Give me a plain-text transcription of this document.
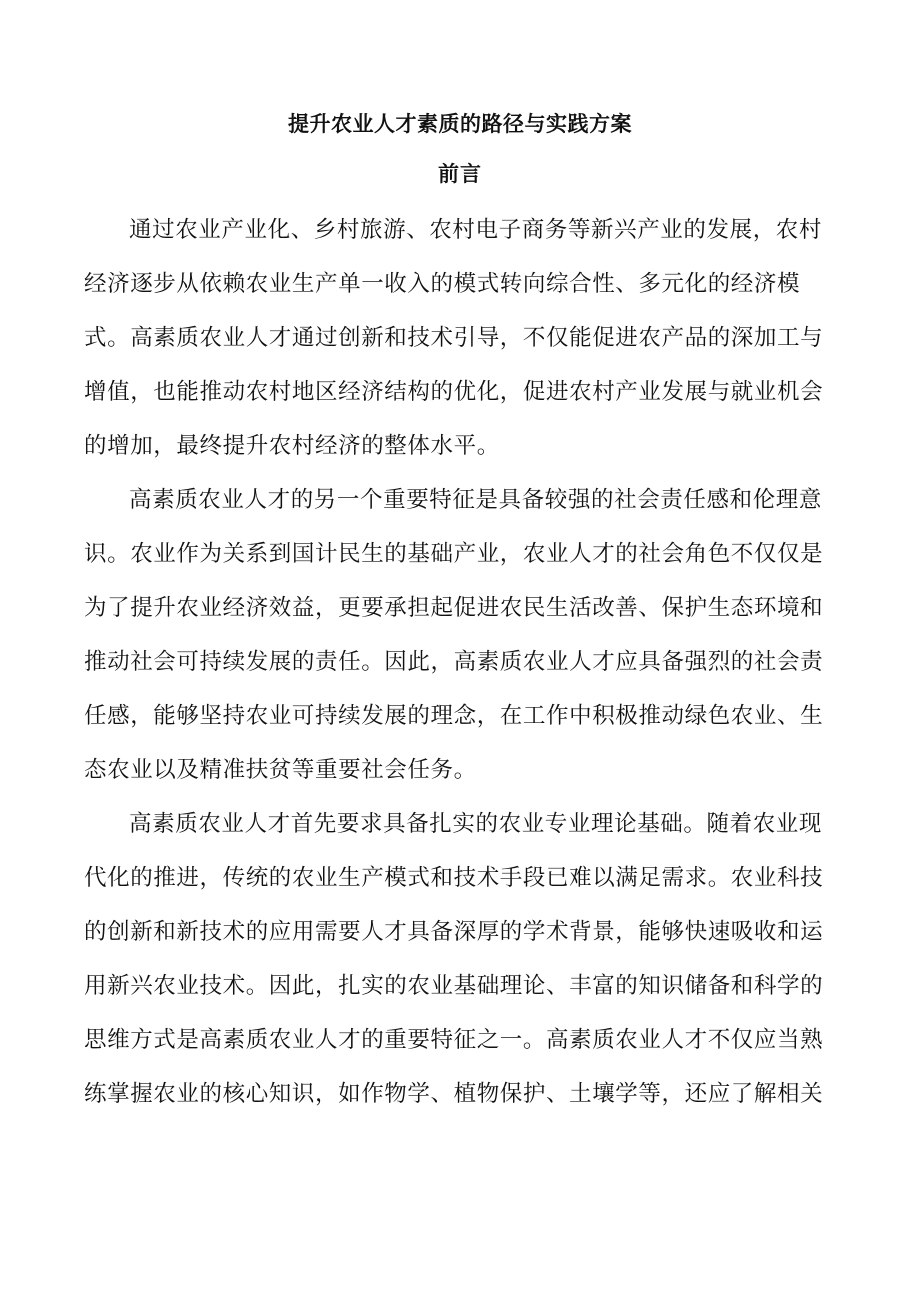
提升农业人才素质的路径与实践方案
前言

通过农业产业化、乡村旅游、农村电子商务等新兴产业的发展，农村经济逐步从依赖农业生产单一收入的模式转向综合性、多元化的经济模式。高素质农业人才通过创新和技术引导，不仅能促进农产品的深加工与增值，也能推动农村地区经济结构的优化，促进农村产业发展与就业机会的增加，最终提升农村经济的整体水平。

高素质农业人才的另一个重要特征是具备较强的社会责任感和伦理意识。农业作为关系到国计民生的基础产业，农业人才的社会角色不仅仅是为了提升农业经济效益，更要承担起促进农民生活改善、保护生态环境和推动社会可持续发展的责任。因此，高素质农业人才应具备强烈的社会责任感，能够坚持农业可持续发展的理念，在工作中积极推动绿色农业、生态农业以及精准扶贫等重要社会任务。

高素质农业人才首先要求具备扎实的农业专业理论基础。随着农业现代化的推进，传统的农业生产模式和技术手段已难以满足需求。农业科技的创新和新技术的应用需要人才具备深厚的学术背景，能够快速吸收和运用新兴农业技术。因此，扎实的农业基础理论、丰富的知识储备和科学的思维方式是高素质农业人才的重要特征之一。高素质农业人才不仅应当熟练掌握农业的核心知识，如作物学、植物保护、土壤学等，还应了解相关
